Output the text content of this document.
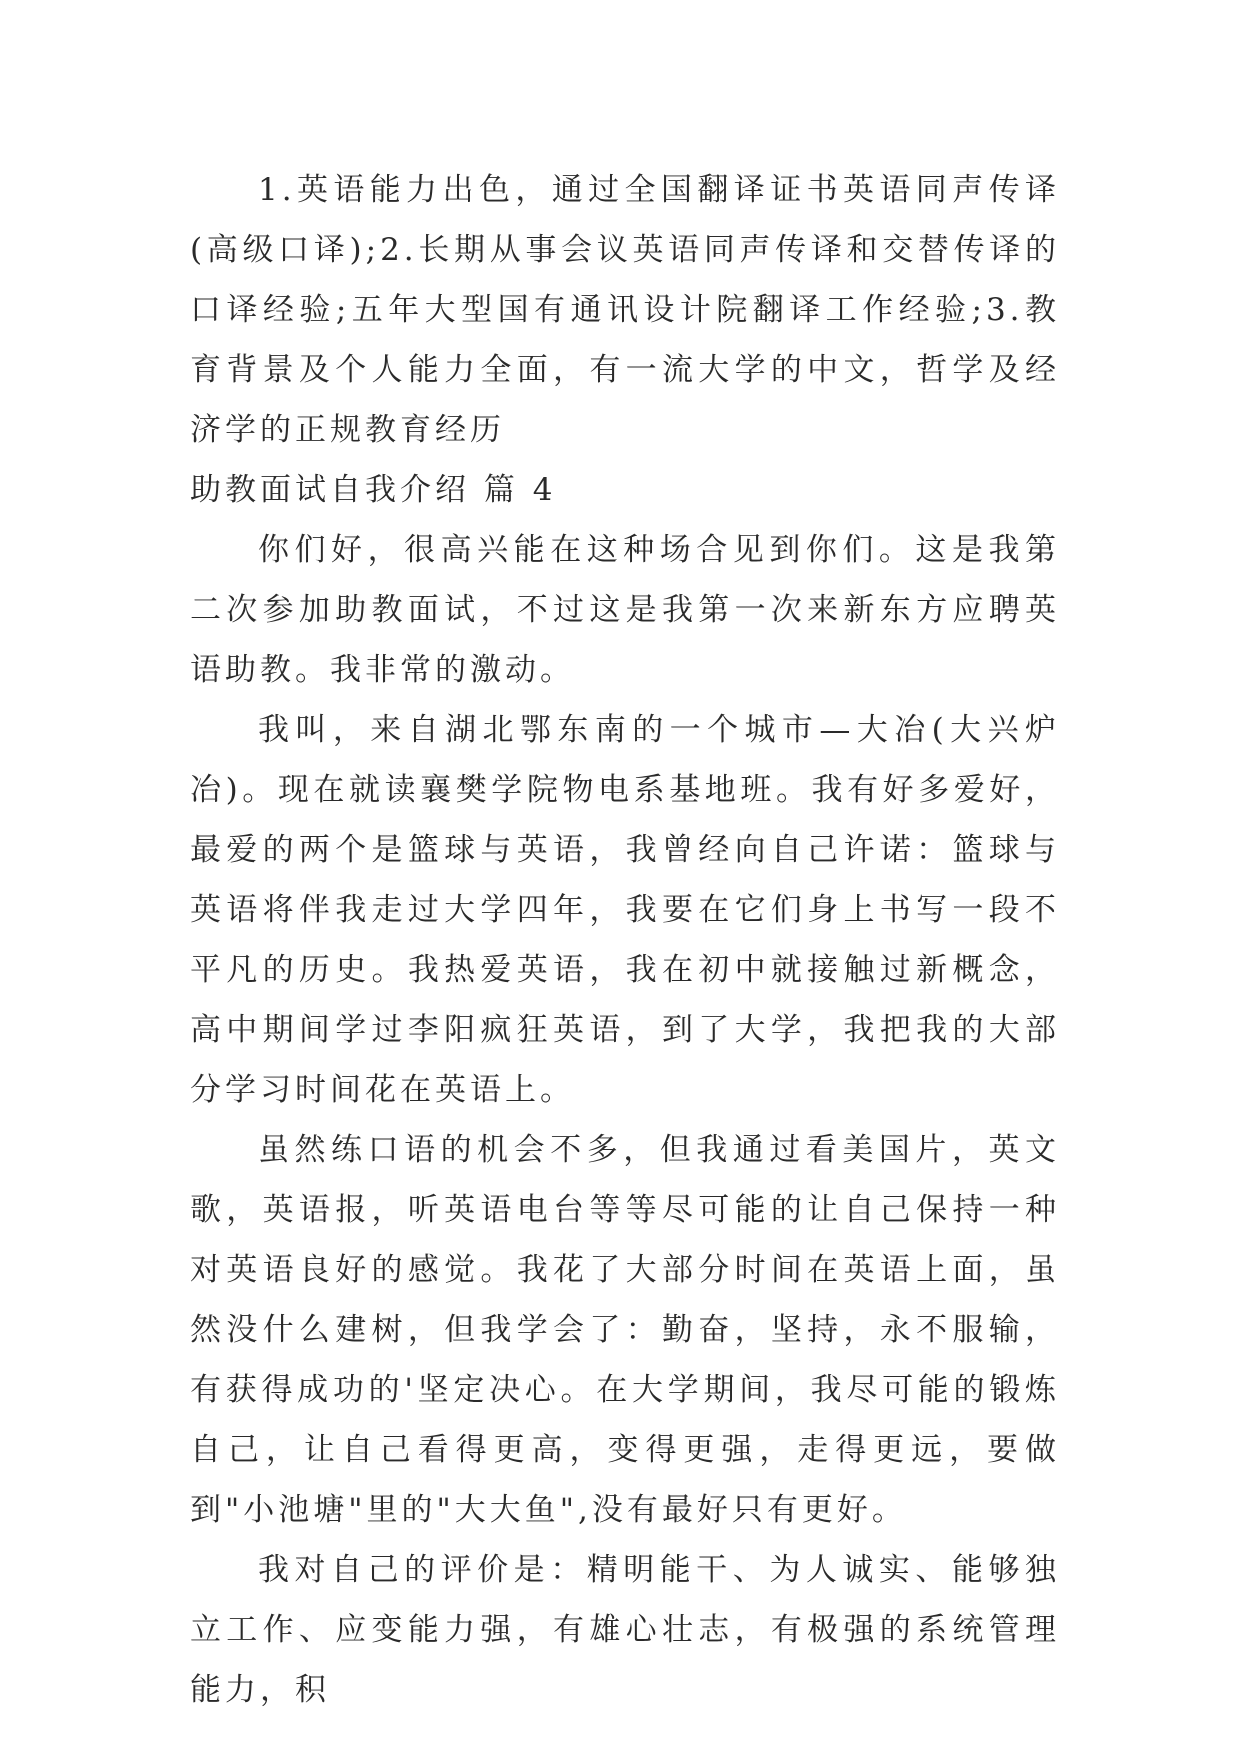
1.英语能力出色，通过全国翻译证书英语同声传译(高级口译);2.长期从事会议英语同声传译和交替传译的口译经验;五年大型国有通讯设计院翻译工作经验;3.教育背景及个人能力全面，有一流大学的中文，哲学及经济学的正规教育经历

助教面试自我介绍 篇 4

你们好，很高兴能在这种场合见到你们。这是我第二次参加助教面试，不过这是我第一次来新东方应聘英语助教。我非常的激动。

我叫，来自湖北鄂东南的一个城市—大冶(大兴炉冶)。现在就读襄樊学院物电系基地班。我有好多爱好，最爱的两个是篮球与英语，我曾经向自己许诺：篮球与英语将伴我走过大学四年，我要在它们身上书写一段不平凡的历史。我热爱英语，我在初中就接触过新概念，高中期间学过李阳疯狂英语，到了大学，我把我的大部分学习时间花在英语上。

虽然练口语的机会不多，但我通过看美国片，英文歌，英语报，听英语电台等等尽可能的让自己保持一种对英语良好的感觉。我花了大部分时间在英语上面，虽然没什么建树，但我学会了：勤奋，坚持，永不服输，有获得成功的'坚定决心。在大学期间，我尽可能的锻炼自己，让自己看得更高，变得更强，走得更远，要做到"小池塘"里的"大大鱼",没有最好只有更好。

我对自己的评价是：精明能干、为人诚实、能够独立工作、应变能力强，有雄心壮志，有极强的系统管理能力，积
